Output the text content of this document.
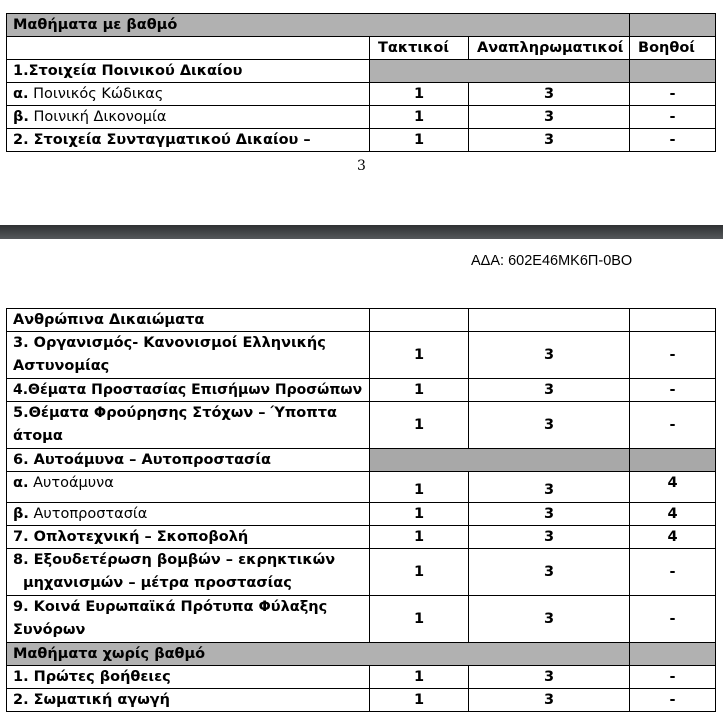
Μαθήματα με βαθμό			
	Τακτικοί	Αναπληρωματικοί	Βοηθοί
1.Στοιχεία Ποινικού Δικαίου			
α. Ποινικός Κώδικας	1	3	-
β. Ποινική Δικονομία	1	3	-
2. Στοιχεία Συνταγματικού Δικαίου –	1	3	-
3
ΑΔΑ: 602Ε46ΜΚ6Π-0ΒΟ
Ανθρώπινα Δικαιώματα			

3. Οργανισμός- Κανονισμοί Ελληνικής
Αστυνομίας	1	3	-
4.Θέματα Προστασίας Επισήμων Προσώπων	1	3	-

5.Θέματα Φρούρησης Στόχων – Ύποπτα
άτομα	1	3	-
6. Αυτοάμυνα – Αυτοπροστασία			
α. Αυτοάμυνα	1	3	4
β. Αυτοπροστασία	1	3	4
7. Οπλοτεχνική – Σκοποβολή	1	3	4

8. Εξουδετέρωση βομβών – εκρηκτικών
μηχανισμών – μέτρα προστασίας	1	3	-

9. Κοινά Ευρωπαϊκά Πρότυπα Φύλαξης
Συνόρων	1	3	-
Μαθήματα χωρίς βαθμό			
1. Πρώτες βοήθειες	1	3	-
2. Σωματική αγωγή	1	3	-
